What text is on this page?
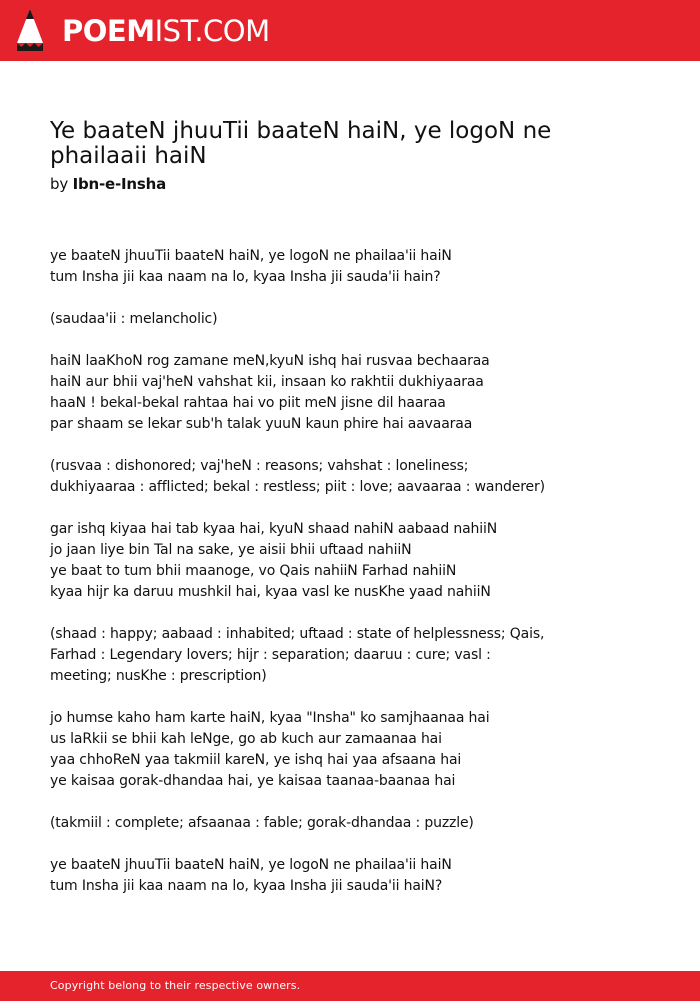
POEMIST.COM
Ye baateN jhuuTii baateN haiN, ye logoN ne phailaaii haiN
by Ibn-e-Insha
ye baateN jhuuTii baateN haiN, ye logoN ne phailaa'ii haiN
tum Insha jii kaa naam na lo, kyaa Insha jii sauda'ii hain?
(saudaa'ii : melancholic)
haiN laaKhoN rog zamane meN,kyuN ishq hai rusvaa bechaaraa
haiN aur bhii vaj'heN vahshat kii, insaan ko rakhtii dukhiyaaraa
haaN ! bekal-bekal rahtaa hai vo piit meN jisne dil haaraa
par shaam se lekar sub'h talak yuuN kaun phire hai aavaaraa
(rusvaa : dishonored; vaj'heN : reasons; vahshat : loneliness; dukhiyaaraa : afflicted; bekal : restless; piit : love; aavaaraa : wanderer)
gar ishq kiyaa hai tab kyaa hai, kyuN shaad nahiN aabaad nahiiN
jo jaan liye bin Tal na sake, ye aisii bhii uftaad nahiiN
ye baat to tum bhii maanoge, vo Qais nahiiN Farhad nahiiN
kyaa hijr ka daruu mushkil hai, kyaa vasl ke nusKhe yaad nahiiN
(shaad : happy; aabaad : inhabited; uftaad : state of helplessness; Qais, Farhad : Legendary lovers; hijr : separation; daaruu : cure; vasl : meeting; nusKhe : prescription)
jo humse kaho ham karte haiN, kyaa "Insha" ko samjhaanaa hai
us laRkii se bhii kah leNge, go ab kuch aur zamaanaa hai
yaa chhoReN yaa takmiil kareN, ye ishq hai yaa afsaana hai
ye kaisaa gorak-dhandaa hai, ye kaisaa taanaa-baanaa hai
(takmiil : complete; afsaanaa : fable; gorak-dhandaa : puzzle)
ye baateN jhuuTii baateN haiN, ye logoN ne phailaa'ii haiN
tum Insha jii kaa naam na lo, kyaa Insha jii sauda'ii haiN?
Copyright belong to their respective owners.
